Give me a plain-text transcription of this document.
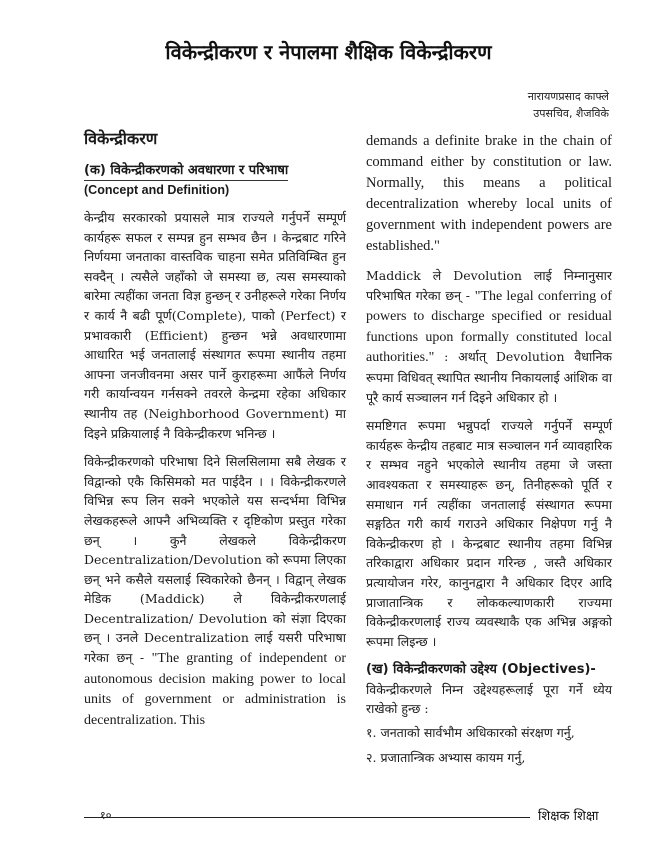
विकेन्द्रीकरण र नेपालमा शैक्षिक विकेन्द्रीकरण
नारायणप्रसाद काफ्ले
उपसचिव, शैजविके
विकेन्द्रीकरण
(क) विकेन्द्रीकरणको अवधारणा र परिभाषा
(Concept and Definition)

केन्द्रीय सरकारको प्रयासले मात्र राज्यले गर्नुपर्ने सम्पूर्ण कार्यहरू सफल र सम्पन्न हुन सम्भव छैन । केन्द्रबाट गरिने निर्णयमा जनताका वास्तविक चाहना समेत प्रतिविम्बित हुन सक्दैन् । त्यसैले जहाँको जे समस्या छ, त्यस समस्याको बारेमा त्यहींका जनता विज्ञ हुन्छन् र उनीहरूले गरेका निर्णय र कार्य नै बढी पूर्ण(Complete), पाको (Perfect) र प्रभावकारी (Efficient) हुन्छन भन्ने अवधारणामा आधारित भई जनतालाई संस्थागत रूपमा स्थानीय तहमा आफ्ना जनजीवनमा असर पार्ने कुराहरूमा आफैंले निर्णय गरी कार्यान्वयन गर्नसक्ने तवरले केन्द्रमा रहेका अधिकार स्थानीय तह (Neighborhood Government) मा दिइने प्रक्रियालाई नै विकेन्द्रीकरण भनिन्छ ।

विकेन्द्रीकरणको परिभाषा दिने सिलसिलामा सबै लेखक र विद्वान्को एकै किसिमको मत पाईदैन । । विकेन्द्रीकरणले विभिन्न रूप लिन सक्ने भएकोले यस सन्दर्भमा विभिन्न लेखकहरूले आफ्नै अभिव्यक्ति र दृष्टिकोण प्रस्तुत गरेका छन् । कुनै लेखकले विकेन्द्रीकरण Decentralization/Devolution को रूपमा लिएका छन् भने कसैले यसलाई स्विकारेको छैनन् । विद्वान् लेखक मेडिक (Maddick) ले विकेन्द्रीकरणलाई Decentralization/ Devolution को संज्ञा दिएका छन् । उनले Decentralization लाई यसरी परिभाषा गरेका छन् - "The granting of independent or autonomous decision making power to local units of government or administration is decentralization. This

demands a definite brake in the chain of command either by constitution or law. Normally, this means a political decentralization whereby local units of government with independent powers are established."

Maddick ले Devolution लाई निम्नानुसार परिभाषित गरेका छन् - "The legal conferring of powers to discharge specified or residual functions upon formally constituted local authorities." : अर्थात् Devolution वैधानिक रूपमा विधिवत् स्थापित स्थानीय निकायलाई आंशिक वा पूरै कार्य सञ्चालन गर्न दिइने अधिकार हो ।

समष्टिगत रूपमा भन्नुपर्दा राज्यले गर्नुपर्ने सम्पूर्ण कार्यहरू केन्द्रीय तहबाट मात्र सञ्चालन गर्न व्यावहारिक र सम्भव नहुने भएकोले स्थानीय तहमा जे जस्ता आवश्यकता र समस्याहरू छन्, तिनीहरूको पूर्ति र समाधान गर्न त्यहींका जनतालाई संस्थागत रूपमा सङ्गठित गरी कार्य गराउने अधिकार निक्षेपण गर्नु नै विकेन्द्रीकरण हो । केन्द्रबाट स्थानीय तहमा विभिन्न तरिकाद्वारा अधिकार प्रदान गरिन्छ , जस्तै अधिकार प्रत्यायोजन गरेर, कानुनद्वारा नै अधिकार दिएर आदि प्राजातान्त्रिक र लोककल्याणकारी राज्यमा विकेन्द्रीकरणलाई राज्य व्यवस्थाकै एक अभिन्न अङ्गको रूपमा लिइन्छ ।

(ख) विकेन्द्रीकरणको उद्देश्य (Objectives)-

विकेन्द्रीकरणले निम्न उद्देश्यहरूलाई पूरा गर्ने ध्येय राखेको हुन्छ :

१. जनताको सार्वभौम अधिकारको संरक्षण गर्नु,
२. प्रजातान्त्रिक अभ्यास कायम गर्नु,
१०	शिक्षक शिक्षा
